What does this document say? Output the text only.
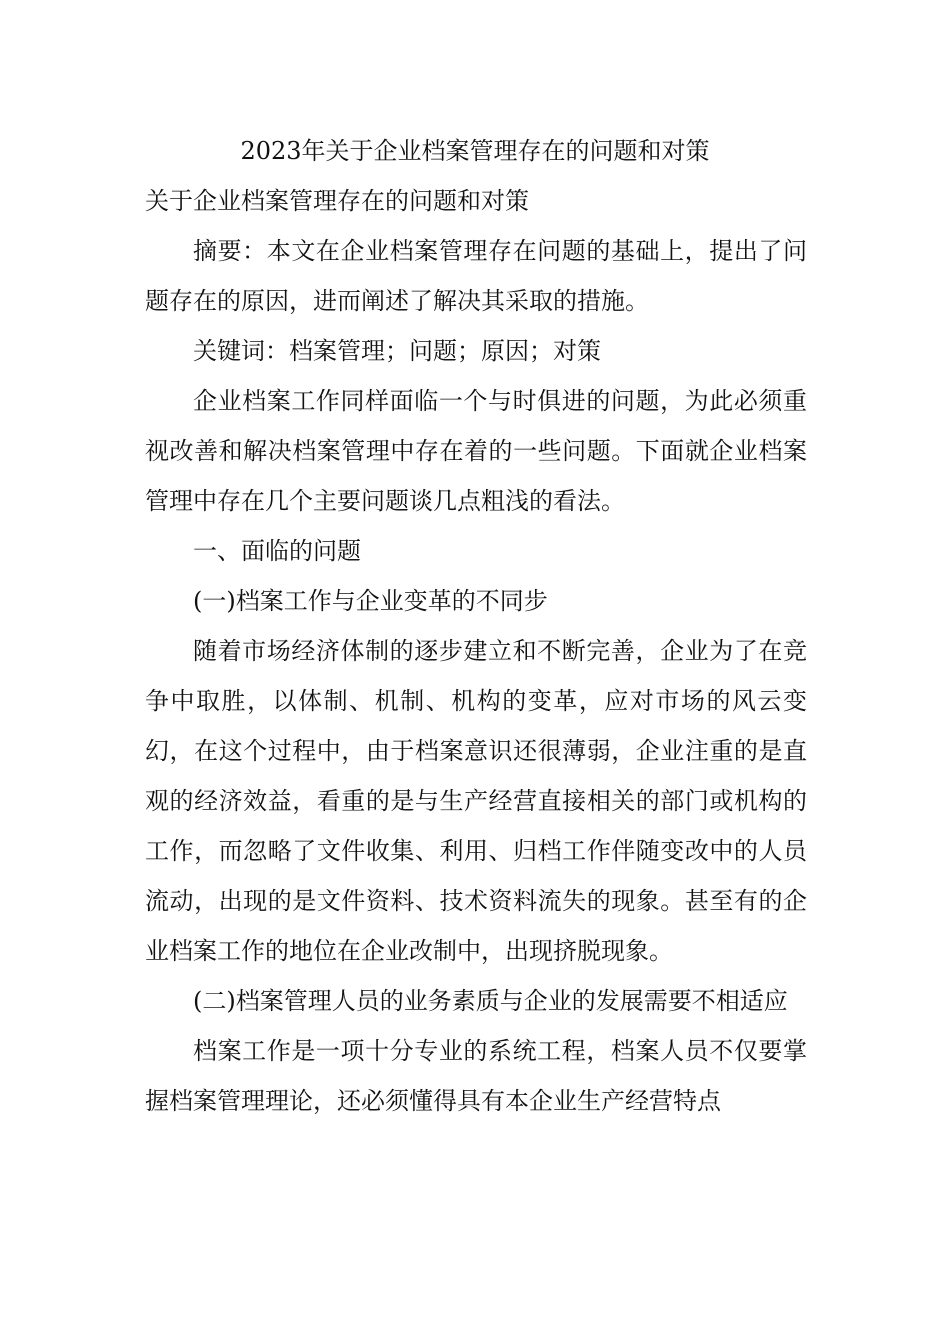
2023年关于企业档案管理存在的问题和对策

关于企业档案管理存在的问题和对策

摘要：本文在企业档案管理存在问题的基础上，提出了问题存在的原因，进而阐述了解决其采取的措施。

关键词：档案管理；问题；原因；对策

企业档案工作同样面临一个与时俱进的问题，为此必须重视改善和解决档案管理中存在着的一些问题。下面就企业档案管理中存在几个主要问题谈几点粗浅的看法。

一、面临的问题

(一)档案工作与企业变革的不同步

随着市场经济体制的逐步建立和不断完善，企业为了在竞争中取胜，以体制、机制、机构的变革，应对市场的风云变幻，在这个过程中，由于档案意识还很薄弱，企业注重的是直观的经济效益，看重的是与生产经营直接相关的部门或机构的工作，而忽略了文件收集、利用、归档工作伴随变改中的人员流动，出现的是文件资料、技术资料流失的现象。甚至有的企业档案工作的地位在企业改制中，出现挤脱现象。

(二)档案管理人员的业务素质与企业的发展需要不相适应

档案工作是一项十分专业的系统工程，档案人员不仅要掌握档案管理理论，还必须懂得具有本企业生产经营特点
